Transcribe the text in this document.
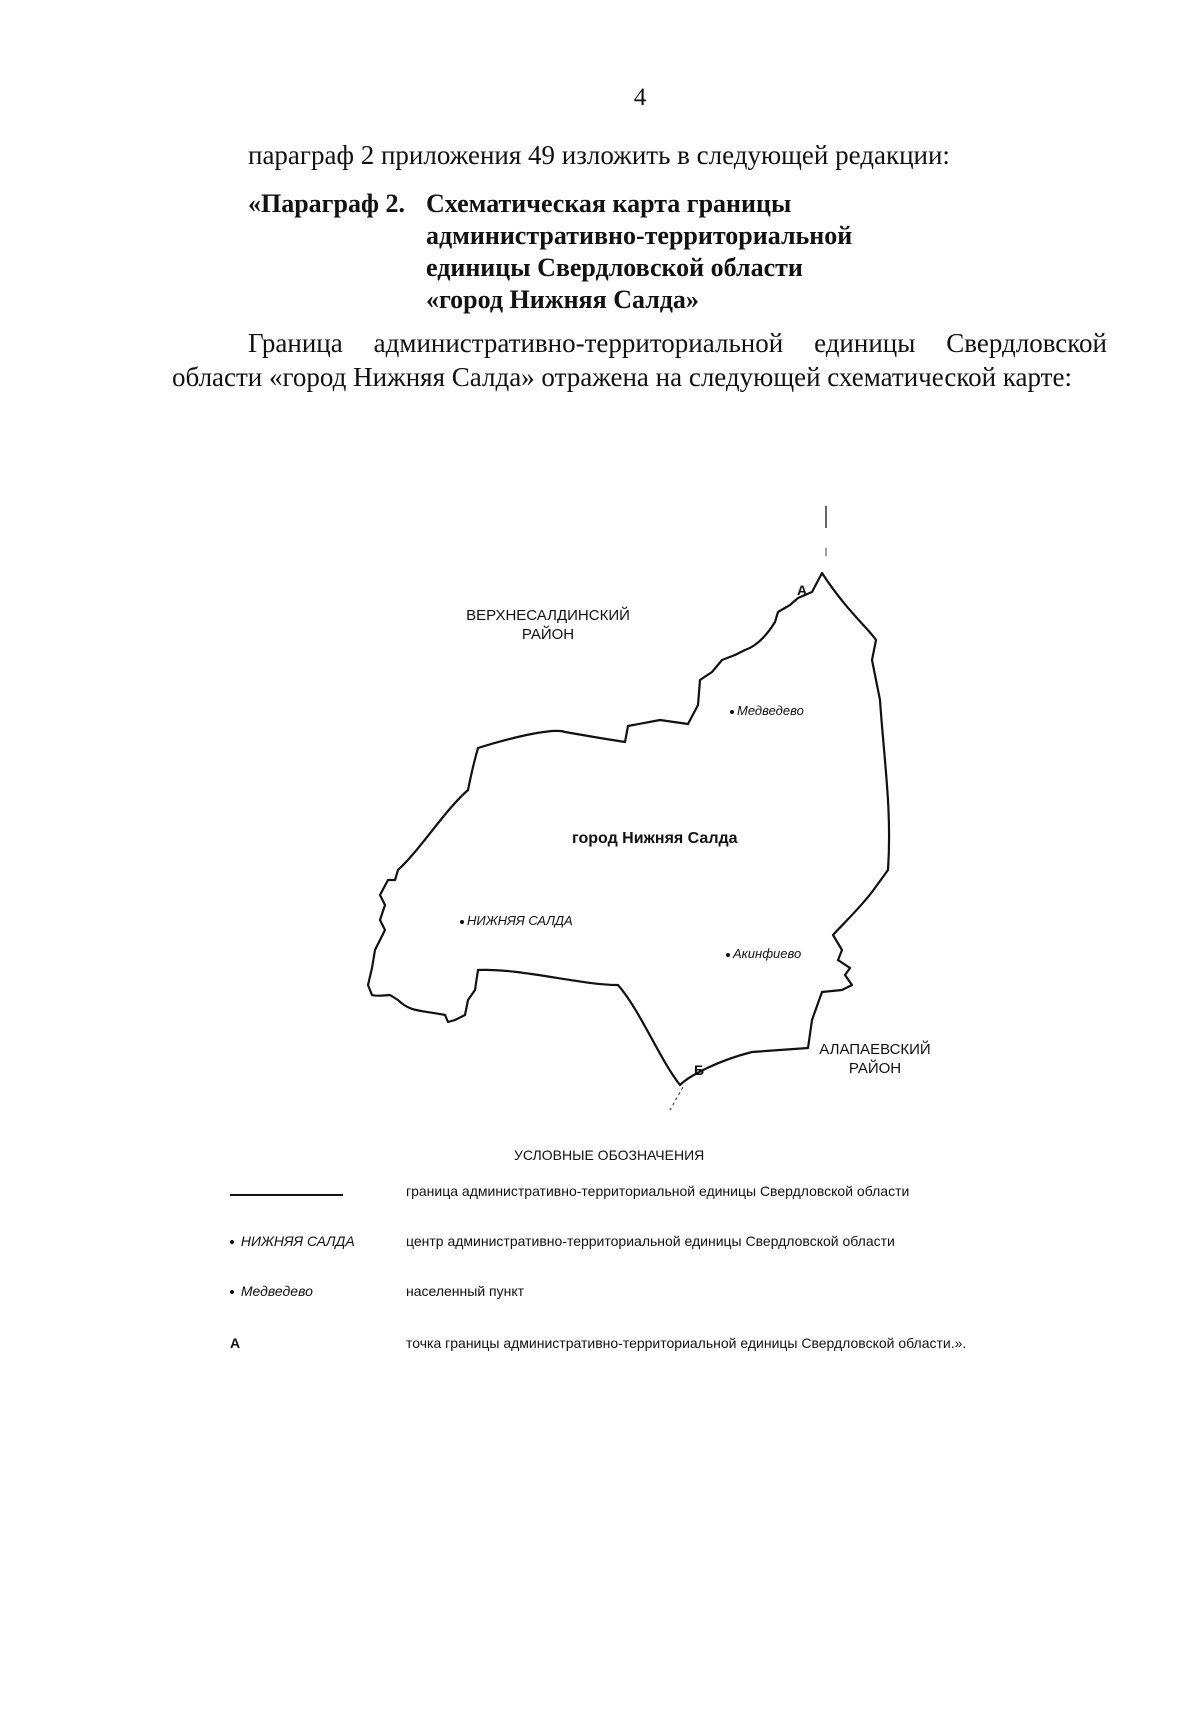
4
параграф 2 приложения 49 изложить в следующей редакции:
«Параграф 2. Схематическая карта границы
административно-территориальной
единицы Свердловской области
«город Нижняя Салда»
Граница административно-территориальной единицы Свердловской области «город Нижняя Салда» отражена на следующей схематической карте:
ВЕРХНЕСАЛДИНСКИЙ
РАЙОН
АЛАПАЕВСКИЙ
РАЙОН
город Нижняя Салда
НИЖНЯЯ САЛДА
Медведево
Акинфиево
А
Б
УСЛОВНЫЕ ОБОЗНАЧЕНИЯ
граница административно-территориальной единицы Свердловской области
НИЖНЯЯ САЛДА	центр административно-территориальной единицы Свердловской области
Медведево	населенный пункт
А	точка границы административно-территориальной единицы Свердловской области.».
